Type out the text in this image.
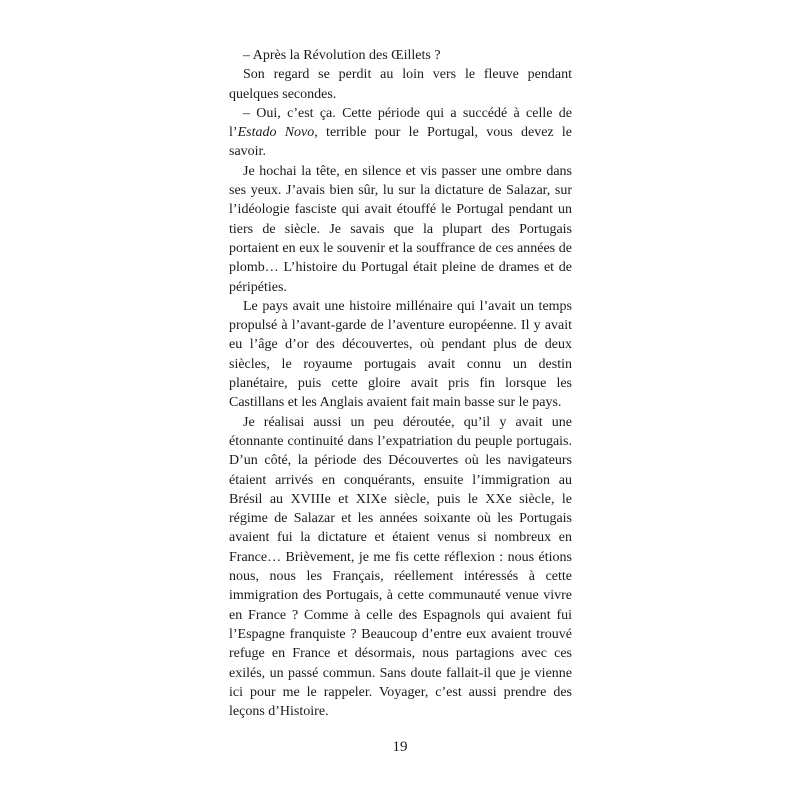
– Après la Révolution des Œillets ?

Son regard se perdit au loin vers le fleuve pendant quelques secondes.

– Oui, c’est ça. Cette période qui a succédé à celle de l’Estado Novo, terrible pour le Portugal, vous devez le savoir.

Je hochai la tête, en silence et vis passer une ombre dans ses yeux. J’avais bien sûr, lu sur la dictature de Salazar, sur l’idéologie fasciste qui avait étouffé le Portugal pendant un tiers de siècle. Je savais que la plupart des Portugais portaient en eux le souvenir et la souffrance de ces années de plomb… L’histoire du Portugal était pleine de drames et de péripéties.

Le pays avait une histoire millénaire qui l’avait un temps propulsé à l’avant-garde de l’aventure européenne. Il y avait eu l’âge d’or des découvertes, où pendant plus de deux siècles, le royaume portugais avait connu un destin planétaire, puis cette gloire avait pris fin lorsque les Castillans et les Anglais avaient fait main basse sur le pays.

Je réalisai aussi un peu déroutée, qu’il y avait une étonnante continuité dans l’expatriation du peuple portugais. D’un côté, la période des Découvertes où les navigateurs étaient arrivés en conquérants, ensuite l’immigration au Brésil au XVIIIe et XIXe siècle, puis le XXe siècle, le régime de Salazar et les années soixante où les Portugais avaient fui la dictature et étaient venus si nombreux en France… Brièvement, je me fis cette réflexion : nous étions nous, nous les Français, réellement intéressés à cette immigration des Portugais, à cette communauté venue vivre en France ? Comme à celle des Espagnols qui avaient fui l’Espagne franquiste ? Beaucoup d’entre eux avaient trouvé refuge en France et désormais, nous partagions avec ces exilés, un passé commun. Sans doute fallait-il que je vienne ici pour me le rappeler. Voyager, c’est aussi prendre des leçons d’Histoire.

19
